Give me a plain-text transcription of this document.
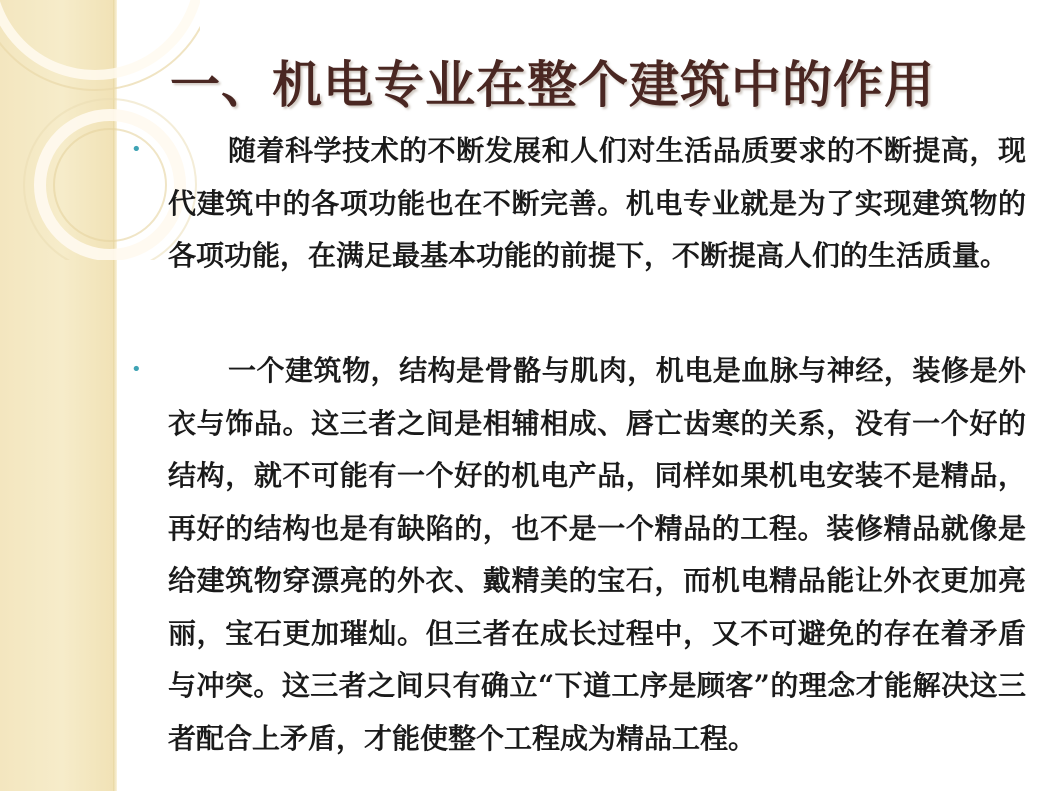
一、机电专业在整个建筑中的作用
•	随着科学技术的不断发展和人们对生活品质要求的不断提高，现代建筑中的各项功能也在不断完善。机电专业就是为了实现建筑物的各项功能，在满足最基本功能的前提下，不断提高人们的生活质量。

•	一个建筑物，结构是骨骼与肌肉，机电是血脉与神经，装修是外衣与饰品。这三者之间是相辅相成、唇亡齿寒的关系，没有一个好的结构，就不可能有一个好的机电产品，同样如果机电安装不是精品，再好的结构也是有缺陷的，也不是一个精品的工程。装修精品就像是给建筑物穿漂亮的外衣、戴精美的宝石，而机电精品能让外衣更加亮丽，宝石更加璀灿。但三者在成长过程中，又不可避免的存在着矛盾与冲突。这三者之间只有确立“下道工序是顾客”的理念才能解决这三者配合上矛盾，才能使整个工程成为精品工程。
